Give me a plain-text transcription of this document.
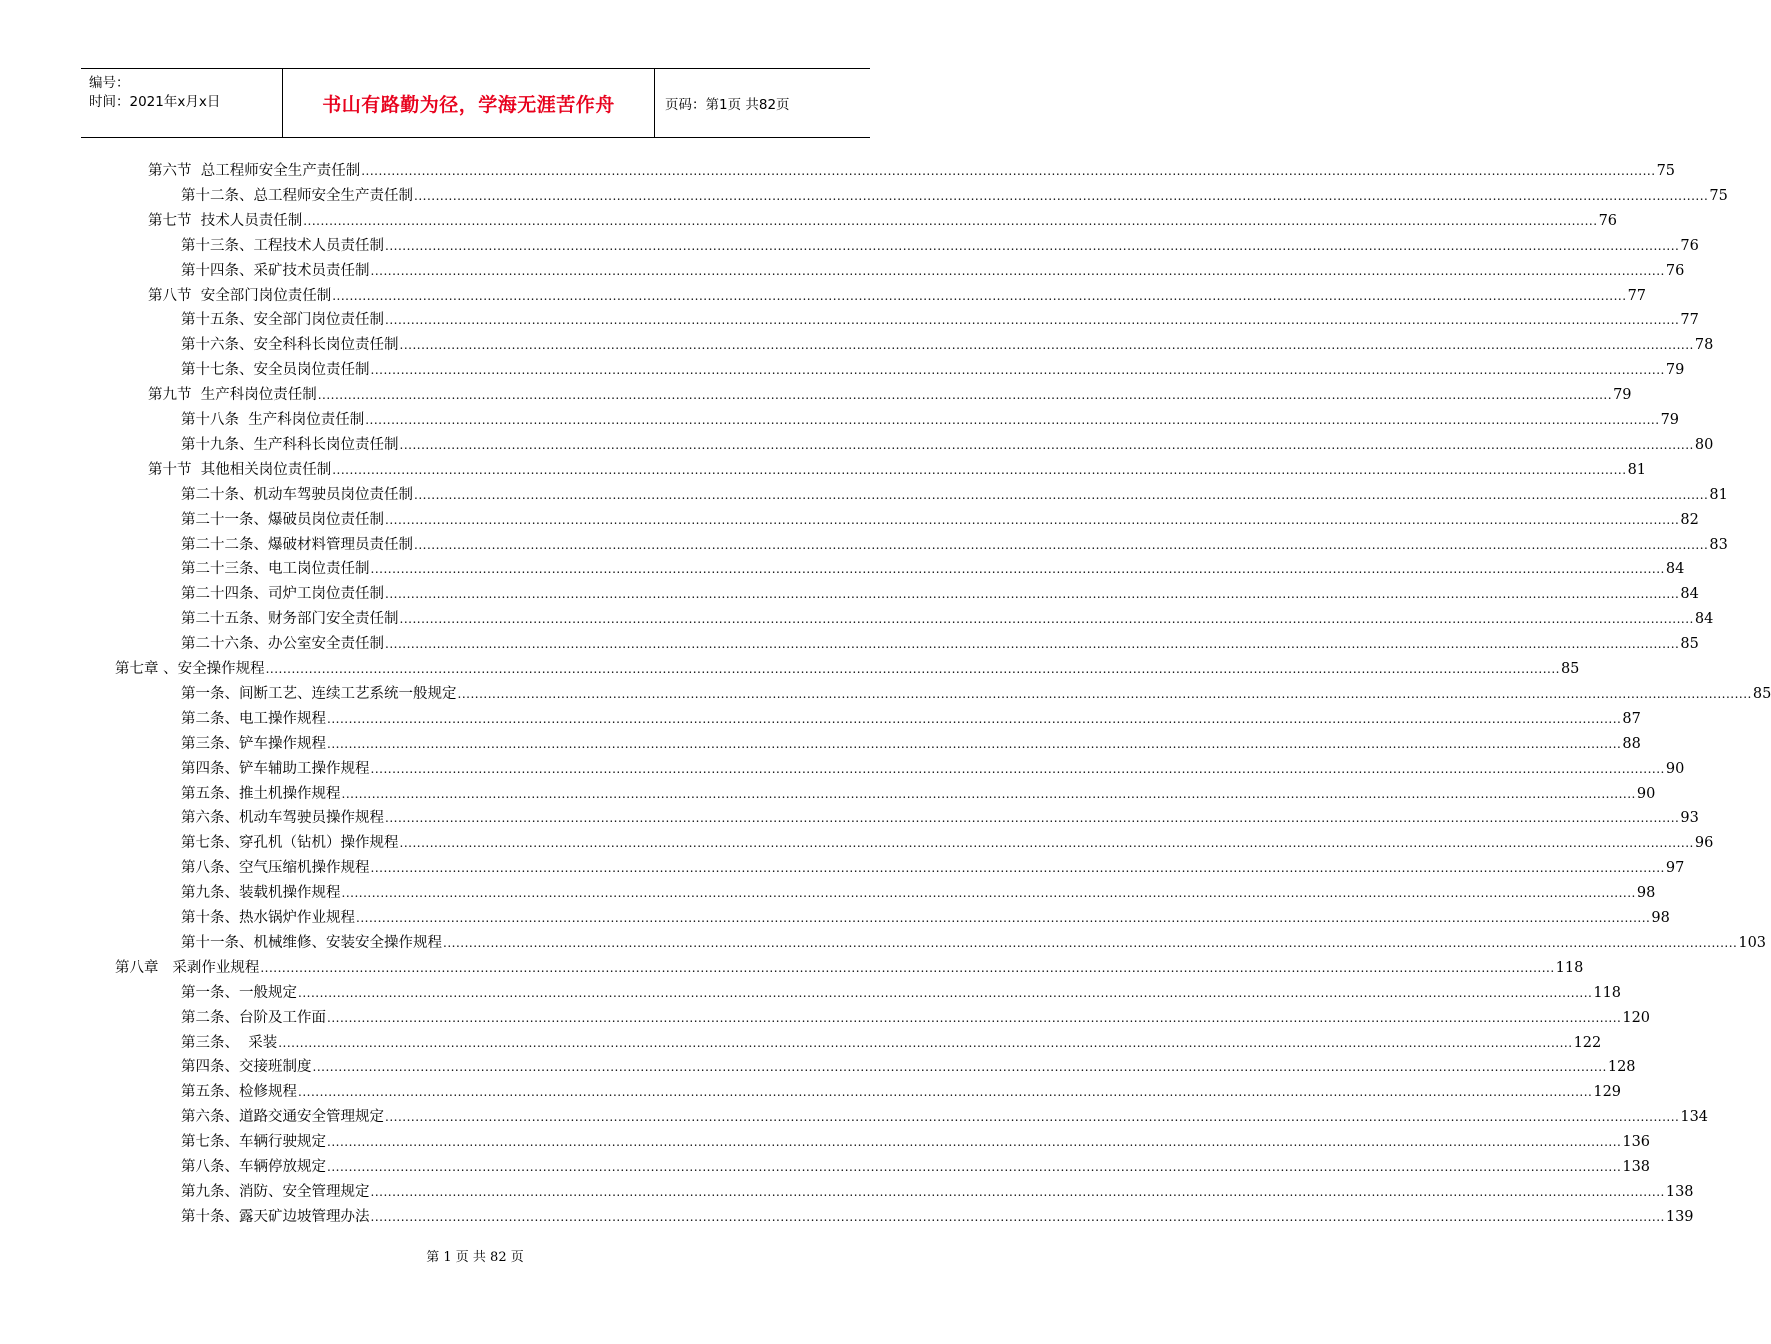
编号：
时间：2021年x月x日	书山有路勤为径，学海无涯苦作舟	页码：第1页 共82页
第六节  总工程师安全生产责任制 ............................................................................................................................................................................................................................................................................................................ 75
第十二条、总工程师安全生产责任制 ............................................................................................................................................................................................................................................................................................................ 75
第七节  技术人员责任制 ............................................................................................................................................................................................................................................................................................................ 76
第十三条、工程技术人员责任制 ............................................................................................................................................................................................................................................................................................................ 76
第十四条、采矿技术员责任制 ............................................................................................................................................................................................................................................................................................................ 76
第八节  安全部门岗位责任制 ............................................................................................................................................................................................................................................................................................................ 77
第十五条、安全部门岗位责任制 ............................................................................................................................................................................................................................................................................................................ 77
第十六条、安全科科长岗位责任制 ............................................................................................................................................................................................................................................................................................................ 78
第十七条、安全员岗位责任制 ............................................................................................................................................................................................................................................................................................................ 79
第九节  生产科岗位责任制 ............................................................................................................................................................................................................................................................................................................ 79
第十八条  生产科岗位责任制 ............................................................................................................................................................................................................................................................................................................ 79
第十九条、生产科科长岗位责任制 ............................................................................................................................................................................................................................................................................................................ 80
第十节  其他相关岗位责任制 ............................................................................................................................................................................................................................................................................................................ 81
第二十条、机动车驾驶员岗位责任制 ............................................................................................................................................................................................................................................................................................................ 81
第二十一条、爆破员岗位责任制 ............................................................................................................................................................................................................................................................................................................ 82
第二十二条、爆破材料管理员责任制 ............................................................................................................................................................................................................................................................................................................ 83
第二十三条、电工岗位责任制 ............................................................................................................................................................................................................................................................................................................ 84
第二十四条、司炉工岗位责任制 ............................................................................................................................................................................................................................................................................................................ 84
第二十五条、财务部门安全责任制 ............................................................................................................................................................................................................................................................................................................ 84
第二十六条、办公室安全责任制 ............................................................................................................................................................................................................................................................................................................ 85
第七章 、安全操作规程 ............................................................................................................................................................................................................................................................................................................ 85
第一条、间断工艺、连续工艺系统一般规定 ............................................................................................................................................................................................................................................................................................................ 85
第二条、电工操作规程 ............................................................................................................................................................................................................................................................................................................ 87
第三条、铲车操作规程 ............................................................................................................................................................................................................................................................................................................ 88
第四条、铲车辅助工操作规程 ............................................................................................................................................................................................................................................................................................................ 90
第五条、推土机操作规程 ............................................................................................................................................................................................................................................................................................................ 90
第六条、机动车驾驶员操作规程 ............................................................................................................................................................................................................................................................................................................ 93
第七条、穿孔机（钻机）操作规程 ............................................................................................................................................................................................................................................................................................................ 96
第八条、空气压缩机操作规程 ............................................................................................................................................................................................................................................................................................................ 97
第九条、装载机操作规程 ............................................................................................................................................................................................................................................................................................................ 98
第十条、热水锅炉作业规程 ............................................................................................................................................................................................................................................................................................................ 98
第十一条、机械维修、安装安全操作规程 ............................................................................................................................................................................................................................................................................................................ 103
第八章   采剥作业规程 ............................................................................................................................................................................................................................................................................................................ 118
第一条、一般规定 ............................................................................................................................................................................................................................................................................................................ 118
第二条、台阶及工作面 ............................................................................................................................................................................................................................................................................................................ 120
第三条、  采装 ............................................................................................................................................................................................................................................................................................................ 122
第四条、交接班制度 ............................................................................................................................................................................................................................................................................................................ 128
第五条、检修规程 ............................................................................................................................................................................................................................................................................................................ 129
第六条、道路交通安全管理规定 ............................................................................................................................................................................................................................................................................................................ 134
第七条、车辆行驶规定 ............................................................................................................................................................................................................................................................................................................ 136
第八条、车辆停放规定 ............................................................................................................................................................................................................................................................................................................ 138
第九条、消防、安全管理规定 ............................................................................................................................................................................................................................................................................................................ 138
第十条、露天矿边坡管理办法 ............................................................................................................................................................................................................................................................................................................ 139
第 1 页 共 82 页
